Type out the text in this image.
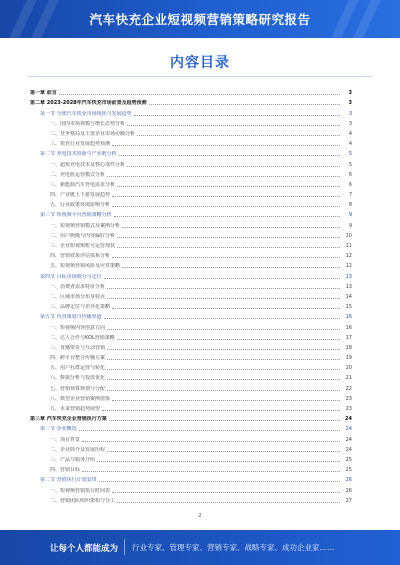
汽车快充企业短视频营销策略研究报告
内容目录
第一章 前言	3
第二章 2023-2028年汽车快充市场前景及趋势预测	3
第一节 全球汽车快充市场现状与发展趋势	3
一、国内市场规模与增长态势分析	3
二、竞争格局及主要企业市场份额分析	4
三、快充行业发展趋势预测	4
第二节 充电技术创新与产业链分析	5
一、超快充电技术及核心部件分析	5
二、充电桩运营模式分析	6
三、新能源汽车充电需求分析	6
四、产业链上下游发展趋势	7
五、行业政策环境影响分析	8
第三节 短视频平台营销策略分析	9
一、短视频营销模式及案例分析	9
二、用户画像与内容偏好分析	10
三、企业短视频账号运营现状	11
四、营销效果评估体系分析	12
五、短视频营销风险及应对策略	12
第四节 目标市场细分与定位	13
一、消费者需求特征分析	13
二、区域市场分布及特点	14
三、品牌定位与差异化策略	15
第五节 内容策划与传播渠道	16
一、短视频内容创意方向	16
二、达人合作与KOL营销策略	17
三、直播带货与互动营销	18
四、跨平台整合传播方案	19
五、用户社群运营与转化	20
六、数据分析与投放优化	21
七、营销预算规划与分配	22
八、典型企业营销案例借鉴	23
九、未来营销趋势展望	23
第三章 汽车快充企业营销执行方案	24
第一节 企业概况	24
一、项目背景	24
二、企业简介及发展历程	24
三、产品与服务介绍	25
四、营销目标	25
第二节 营销执行计划安排	26
一、短视频营销执行时间表	26
二、营销团队组织架构与分工	27
2
让每个人都能成为 行业专家、管理专家、营销专家、战略专家、成功企业家……
